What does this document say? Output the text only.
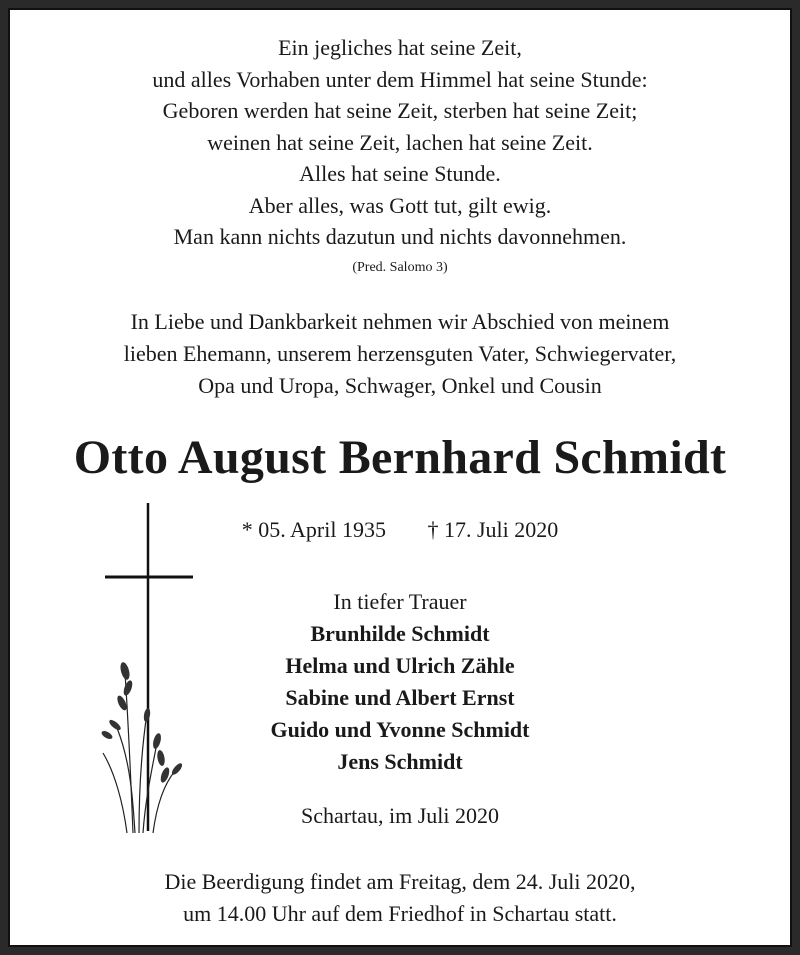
Ein jegliches hat seine Zeit,
und alles Vorhaben unter dem Himmel hat seine Stunde:
Geboren werden hat seine Zeit, sterben hat seine Zeit;
weinen hat seine Zeit, lachen hat seine Zeit.
Alles hat seine Stunde.
Aber alles, was Gott tut, gilt ewig.
Man kann nichts dazutun und nichts davonnehmen.
(Pred. Salomo 3)
In Liebe und Dankbarkeit nehmen wir Abschied von meinem
lieben Ehemann, unserem herzensguten Vater, Schwiegervater,
Opa und Uropa, Schwager, Onkel und Cousin
Otto August Bernhard Schmidt
* 05. April 1935 † 17. Juli 2020
In tiefer Trauer
Brunhilde Schmidt
Helma und Ulrich Zähle
Sabine und Albert Ernst
Guido und Yvonne Schmidt
Jens Schmidt
Schartau, im Juli 2020
Die Beerdigung findet am Freitag, dem 24. Juli 2020,
um 14.00 Uhr auf dem Friedhof in Schartau statt.
